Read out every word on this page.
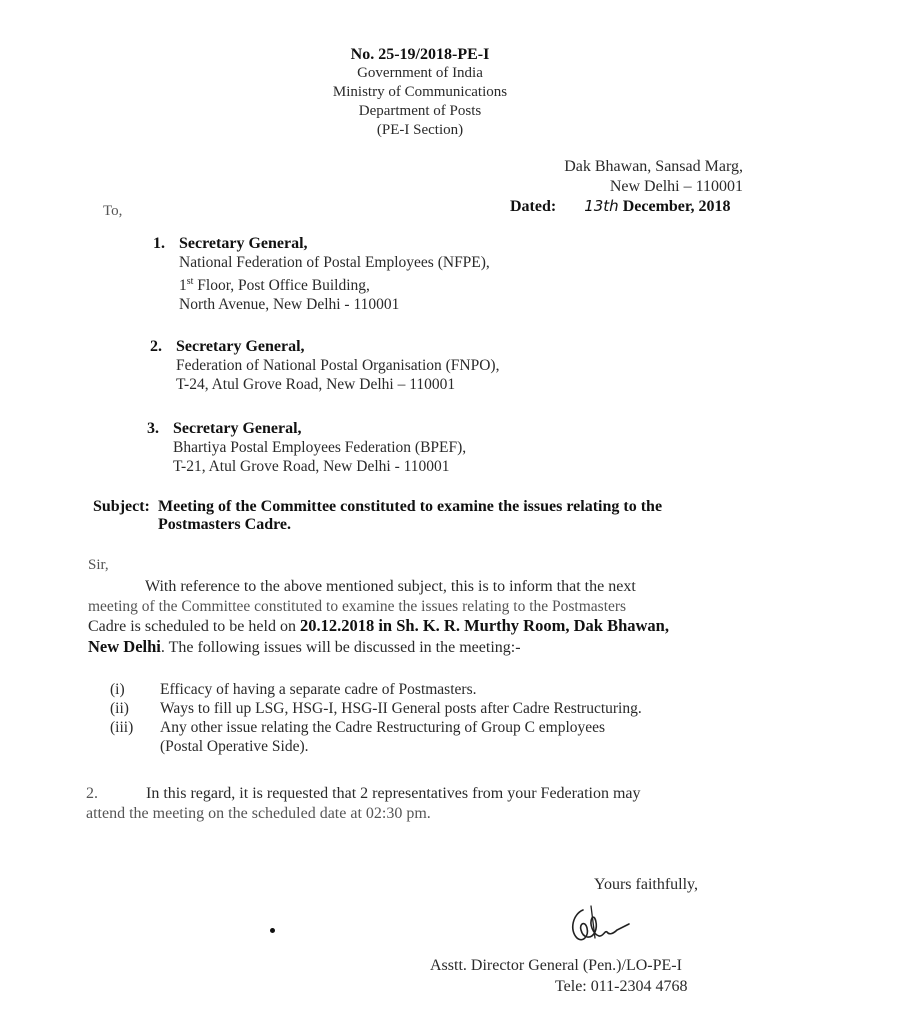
No. 25-19/2018-PE-I
Government of India
Ministry of Communications
Department of Posts
(PE-I Section)
Dak Bhawan, Sansad Marg,
New Delhi – 110001
Dated: 13th December, 2018
To,
1. Secretary General,
National Federation of Postal Employees (NFPE),
1st Floor, Post Office Building,
North Avenue, New Delhi - 110001
2. Secretary General,
Federation of National Postal Organisation (FNPO),
T-24, Atul Grove Road, New Delhi – 110001
3. Secretary General,
Bhartiya Postal Employees Federation (BPEF),
T-21, Atul Grove Road, New Delhi - 110001
Subject: Meeting of the Committee constituted to examine the issues relating to the
Postmasters Cadre.
Sir,
With reference to the above mentioned subject, this is to inform that the next
meeting of the Committee constituted to examine the issues relating to the Postmasters
Cadre is scheduled to be held on 20.12.2018 in Sh. K. R. Murthy Room, Dak Bhawan,
New Delhi. The following issues will be discussed in the meeting:-
(i) Efficacy of having a separate cadre of Postmasters.
(ii) Ways to fill up LSG, HSG-I, HSG-II General posts after Cadre Restructuring.
(iii) Any other issue relating the Cadre Restructuring of Group C employees
(Postal Operative Side).
2.	In this regard, it is requested that 2 representatives from your Federation may
attend the meeting on the scheduled date at 02:30 pm.
Yours faithfully,
Asstt. Director General (Pen.)/LO-PE-I
Tele: 011-2304 4768
